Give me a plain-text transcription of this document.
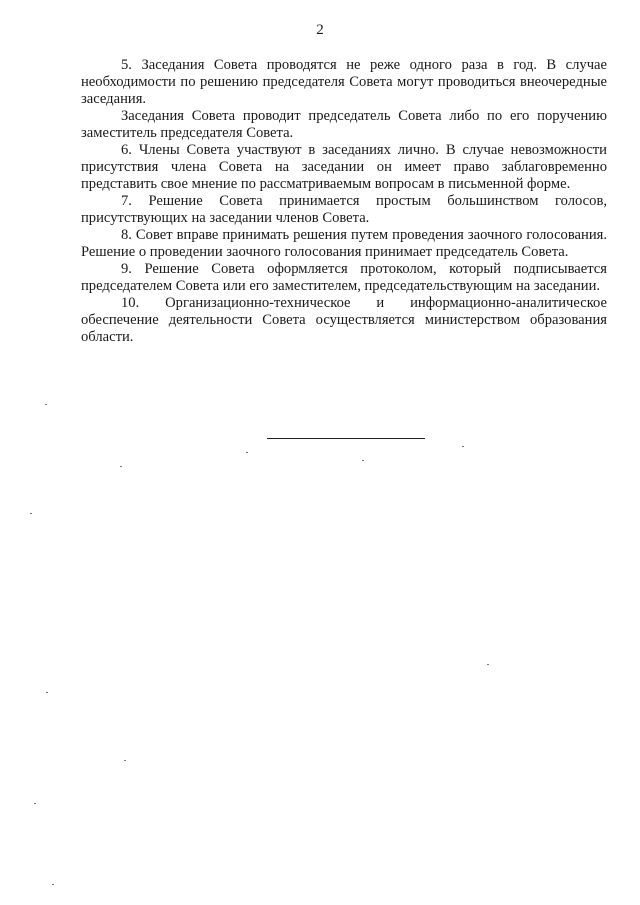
2

5. Заседания Совета проводятся не реже одного раза в год. В случае необходимости по решению председателя Совета могут проводиться внеочередные заседания.

Заседания Совета проводит председатель Совета либо по его поручению заместитель председателя Совета.

6. Члены Совета участвуют в заседаниях лично. В случае невозможности присутствия члена Совета на заседании он имеет право заблаговременно представить свое мнение по рассматриваемым вопросам в письменной форме.

7. Решение Совета принимается простым большинством голосов, присутствующих на заседании членов Совета.

8. Совет вправе принимать решения путем проведения заочного голосования. Решение о проведении заочного голосования принимает председатель Совета.

9. Решение Совета оформляется протоколом, который подписывается председателем Совета или его заместителем, председательствующим на заседании.

10. Организационно-техническое и информационно-аналитическое обеспечение деятельности Совета осуществляется министерством образования области.
